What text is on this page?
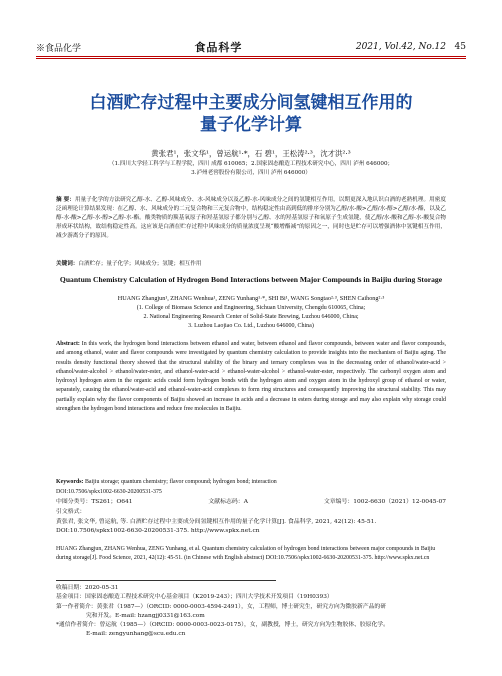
※食品化学	食品科学	2021, Vol.42, No.12 45
白酒贮存过程中主要成分间氢键相互作用的
量子化学计算
黄张君¹，张文华¹，曾运航¹·*，石 碧¹，王松涛²·³，沈才洪²·³
（1.四川大学轻工科学与工程学院，四川 成都 610065；2.国家固态酿造工程技术研究中心，四川 泸州 646000；
3.泸州老窖股份有限公司，四川 泸州 646000）
摘 要：用量子化学的方法研究乙醇-水、乙醇-风味成分、水-风味成分以及乙醇-水-风味成分之间的氢键相互作用，以期更深入地认识白酒的老熟机理。用密度泛函理论计算结果发现：在乙醇、水、风味成分的二元复合物和三元复合物中，结构稳定性由高到低的排序分别为乙醇/水-酸>乙醇/水-醇>乙醇/水-酯，以及乙醇-水-酸>乙醇-水-醇>乙醇-水-酯。酸类物质的羰基氧原子和羟基氢原子都分别与乙醇、水的羟基氢原子和氧原子生成氢键，使乙醇/水-酸和乙醇-水-酸复合物形成环状结构，故结构稳定性高。这应该是白酒在贮存过程中风味成分的质量浓度呈现“酸增酯减”的原因之一，同时也是贮存可以增强酒体中氢键相互作用，减少游离分子的原因。
关键词：白酒贮存；量子化学；风味成分；氢键；相互作用
Quantum Chemistry Calculation of Hydrogen Bond Interactions between Major Compounds in Baijiu during Storage
HUANG Zhangjun¹, ZHANG Wenhua¹, ZENG Yunhang¹·*, SHI Bi¹, WANG Songtao²·³, SHEN Caihong²·³
(1. College of Biomass Science and Engineering, Sichuan University, Chengdu 610065, China;
2. National Engineering Research Center of Solid-State Brewing, Luzhou 646000, China;
3. Luzhou Laojiao Co. Ltd., Luzhou 646000, China)
Abstract: In this work, the hydrogen bond interactions between ethanol and water, between ethanol and flavor compounds, between water and flavor compounds, and among ethanol, water and flavor compounds were investigated by quantum chemistry calculation to provide insights into the mechanism of Baijiu aging. The results density functional theory showed that the structural stability of the binary and ternary complexes was in the decreasing order of ethanol/water-acid > ethanol/water-alcohol > ethanol/water-ester, and ethanol-water-acid > ethanol-water-alcohol > ethanol-water-ester, respectively. The carbonyl oxygen atom and hydroxyl hydrogen atom in the organic acids could form hydrogen bonds with the hydrogen atom and oxygen atom in the hydroxyl group of ethanol or water, separately, causing the ethanol/water-acid and ethanol-water-acid complexes to form ring structures and consequently improving the structural stability. This may partially explain why the flavor components of Baijiu showed an increase in acids and a decrease in esters during storage and may also explain why storage could strengthen the hydrogen bond interactions and reduce free molecules in Baijiu.
Keywords: Baijiu storage; quantum chemistry; flavor compound; hydrogen bond; interaction
DOI:10.7506/spkx1002-6630-20200531-375
中图分类号：TS261；O641	文献标志码：A	文章编号：1002-6630（2021）12-0045-07
引文格式：
黄张君, 张文华, 曾运航, 等. 白酒贮存过程中主要成分间氢键相互作用的量子化学计算[J]. 食品科学, 2021, 42(12): 45-51. DOI:10.7506/spkx1002-6630-20200531-375. http://www.spkx.net.cn
HUANG Zhangjun, ZHANG Wenhua, ZENG Yunhang, et al. Quantum chemistry calculation of hydrogen bond interactions between major compounds in Baijiu during storage[J]. Food Science, 2021, 42(12): 45-51. (in Chinese with English abstract) DOI:10.7506/spkx1002-6630-20200531-375. http://www.spkx.net.cn
收稿日期：2020-05-31
基金项目：国家固态酿造工程技术研究中心基金项目（K2019-243）；四川大学技术开发项目（19H0393）
第一作者简介：黄张君（1987—）（ORCID: 0000-0003-4594-2491），女，工程师，博士研究生，研究方向为微胶新产品的研
究和开发。E-mail: hzangjj0331@163.com
*通信作者简介：曾运航（1985—）（ORCID: 0000-0003-0023-0175），女，副教授，博士，研究方向为生物胶体、胶原化学。
E-mail: zengyunhang@scu.edu.cn
